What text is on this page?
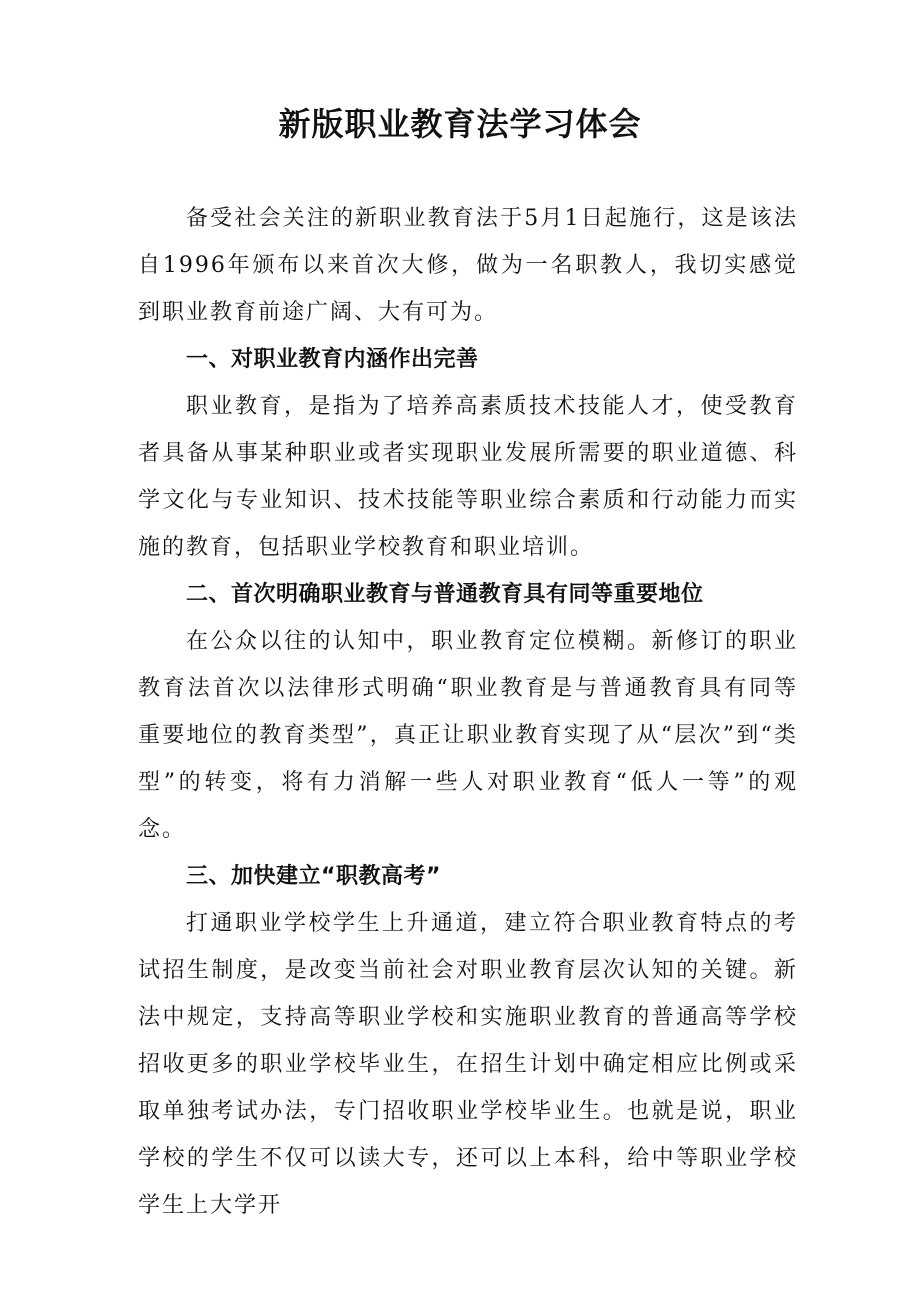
新版职业教育法学习体会

备受社会关注的新职业教育法于5月1日起施行，这是该法自1996年颁布以来首次大修，做为一名职教人，我切实感觉到职业教育前途广阔、大有可为。

一、对职业教育内涵作出完善

职业教育，是指为了培养高素质技术技能人才，使受教育者具备从事某种职业或者实现职业发展所需要的职业道德、科学文化与专业知识、技术技能等职业综合素质和行动能力而实施的教育，包括职业学校教育和职业培训。

二、首次明确职业教育与普通教育具有同等重要地位

在公众以往的认知中，职业教育定位模糊。新修订的职业教育法首次以法律形式明确“职业教育是与普通教育具有同等重要地位的教育类型”，真正让职业教育实现了从“层次”到“类型”的转变，将有力消解一些人对职业教育“低人一等”的观念。

三、加快建立“职教高考”

打通职业学校学生上升通道，建立符合职业教育特点的考试招生制度，是改变当前社会对职业教育层次认知的关键。新法中规定，支持高等职业学校和实施职业教育的普通高等学校招收更多的职业学校毕业生，在招生计划中确定相应比例或采取单独考试办法，专门招收职业学校毕业生。也就是说，职业学校的学生不仅可以读大专，还可以上本科，给中等职业学校学生上大学开
